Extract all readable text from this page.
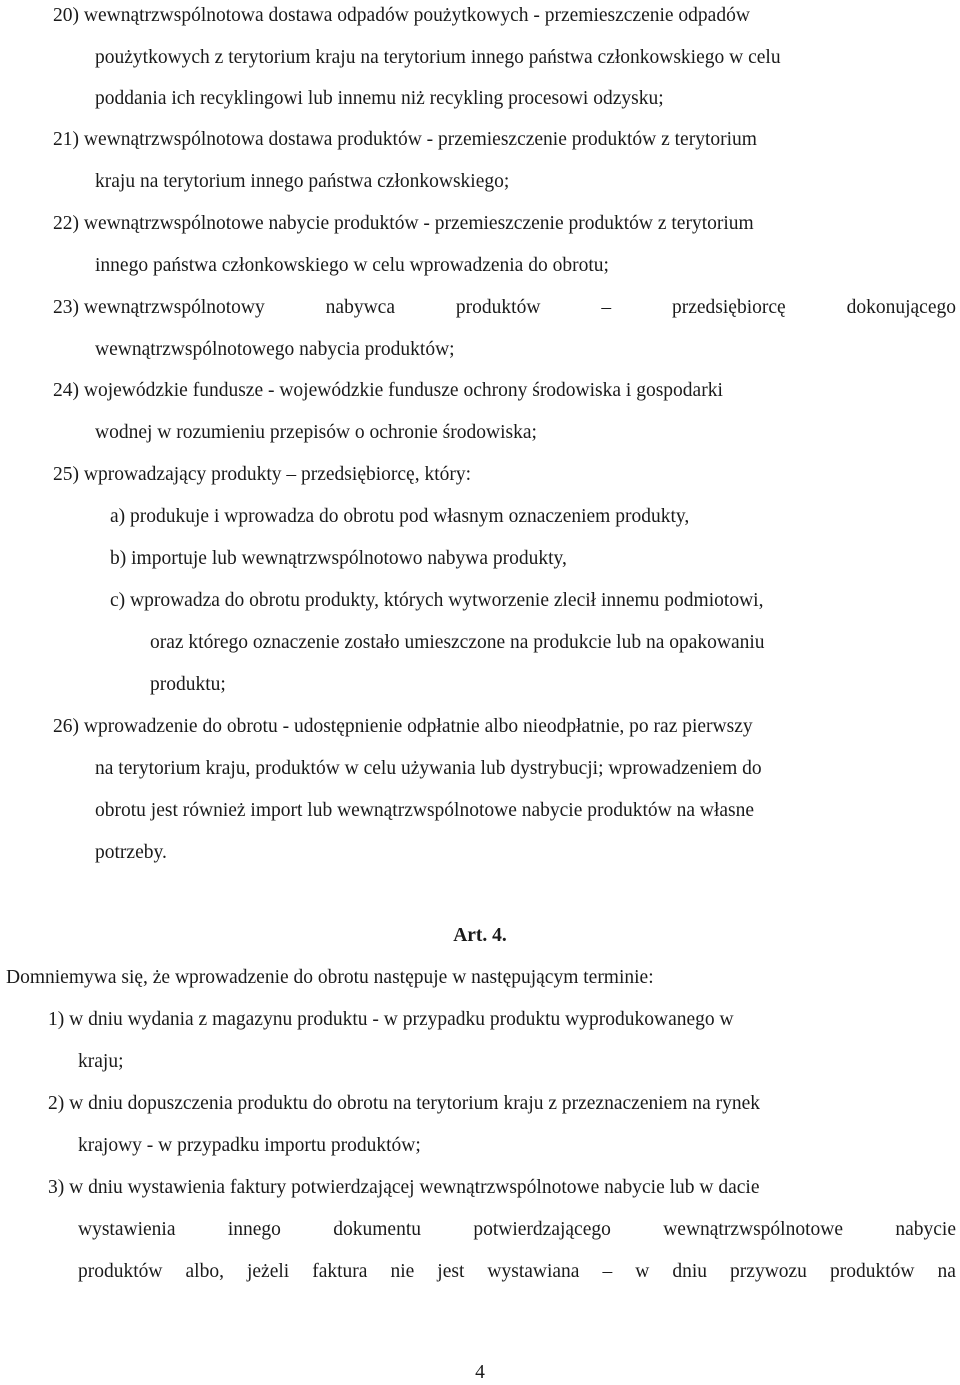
20) wewnątrzwspólnotowa dostawa odpadów poużytkowych - przemieszczenie odpadów
poużytkowych z terytorium kraju na terytorium innego państwa członkowskiego w celu
poddania ich recyklingowi lub innemu niż recykling procesowi odzysku;
21) wewnątrzwspólnotowa dostawa produktów - przemieszczenie produktów z terytorium
kraju na terytorium innego państwa członkowskiego;
22) wewnątrzwspólnotowe nabycie produktów - przemieszczenie produktów z terytorium
innego państwa członkowskiego w celu wprowadzenia do obrotu;
23) wewnątrzwspólnotowy	nabywca	produktów	–	przedsiębiorcę	dokonującego
wewnątrzwspólnotowego nabycia produktów;
24) wojewódzkie fundusze - wojewódzkie fundusze ochrony środowiska i gospodarki
wodnej w rozumieniu przepisów o ochronie środowiska;
25) wprowadzający produkty – przedsiębiorcę, który:
a) produkuje i wprowadza do obrotu pod własnym oznaczeniem produkty,
b) importuje lub wewnątrzwspólnotowo nabywa produkty,
c) wprowadza do obrotu produkty, których wytworzenie zlecił innemu podmiotowi,
oraz którego oznaczenie zostało umieszczone na produkcie lub na opakowaniu
produktu;
26) wprowadzenie do obrotu - udostępnienie odpłatnie albo nieodpłatnie, po raz pierwszy
na terytorium kraju, produktów w celu używania lub dystrybucji; wprowadzeniem do
obrotu jest również import lub wewnątrzwspólnotowe nabycie produktów na własne
potrzeby.
Art. 4.
Domniemywa się, że wprowadzenie do obrotu następuje w następującym terminie:
1) w dniu wydania z magazynu produktu - w przypadku produktu wyprodukowanego w
kraju;
2) w dniu dopuszczenia produktu do obrotu na terytorium kraju z przeznaczeniem na rynek
krajowy - w przypadku importu produktów;
3) w dniu wystawienia faktury potwierdzającej wewnątrzwspólnotowe nabycie lub w dacie
wystawienia	innego	dokumentu	potwierdzającego	wewnątrzwspólnotowe	nabycie
produktów albo, jeżeli faktura nie jest wystawiana – w dniu przywozu produktów na
4
